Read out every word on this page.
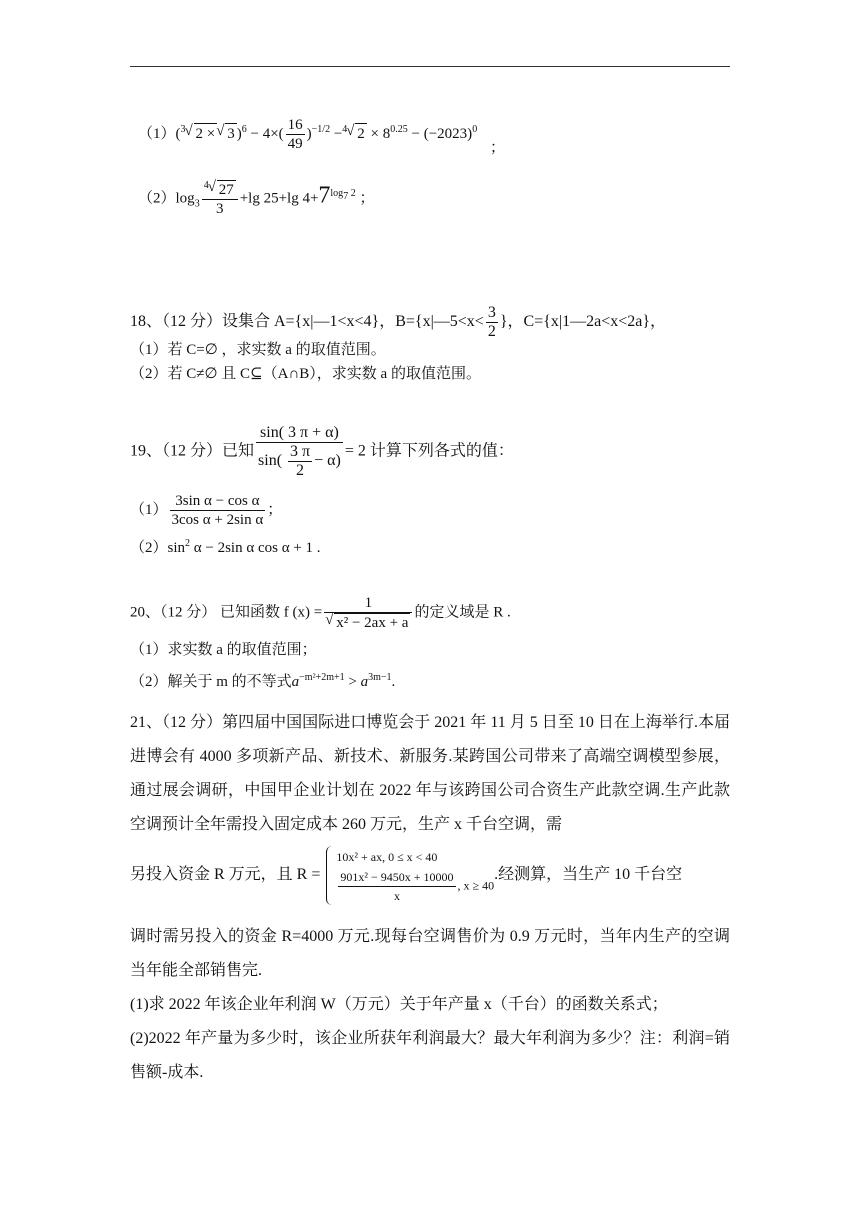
（1）($^3$√ 2 ×√ 3 )$^6 - 4\times( \frac{16}{49} )^{-1/2} -^4√$ $2 \times 8^{0.25} - (-2023)^0$
；
$(2)\log_3 \frac{^4√ 27}{3} +\lg$ 25+lg $4+7^{log_7 2}$ ；
18、（12 分）设集合 A={x|—1<x<4}，B={x|—5<x< $\frac{3}{2}$ }，C={x|1—2a<x<2a}，
（1）若 C=∅ ，求实数 a 的取值范围。
（2）若 C≠∅ 且 C⊆（A∩B），求实数 a 的取值范围。
19、（12 分）已知 $\frac{\sin( 3 \pi + \alpha)}{\sin( \frac{3 \pi}{2} - \alpha)} = 2$ 计算下列各式的值：
$(1) \frac{\text{3sin α − cos α}}{\text{3cos α + 2sin α}}$ ；
$(2)\sin^2$ α − 2sin α cos α + 1 .
20、（12 分） 已知函数 f (x) = 1
√ x² − 2ax + a 的定义域是 R .
（1）求实数 a 的取值范围；
（2）解关于 m 的不等式$a^{-m^2+2m+1} > a^{3m-1}$.
21、（12 分）第四届中国国际进口博览会于 2021 年 11 月 5 日至 10 日在上海举行.本届进博会有 4000 多项新产品、新技术、新服务.某跨国公司带来了高端空调模型参展，通过展会调研，中国甲企业计划在 2022 年与该跨国公司合资生产此款空调.生产此款空调预计全年需投入固定成本 260 万元，生产 x 千台空调，需
另投入资金 R 万元，且 R =
10x² + ax, 0 ≤ x < 40
$\frac{\text{901x² − 9450x + 10000}}{x}$ , x ≥ 40
.经测算，当生产 10 千台空
调时需另投入的资金 R=4000 万元.现每台空调售价为 0.9 万元时，当年内生产的空调当年能全部销售完.
(1)求 2022 年该企业年利润 W（万元）关于年产量 x（千台）的函数关系式；
(2)2022 年产量为多少时，该企业所获年利润最大？最大年利润为多少？注：利润=销售额-成本.
